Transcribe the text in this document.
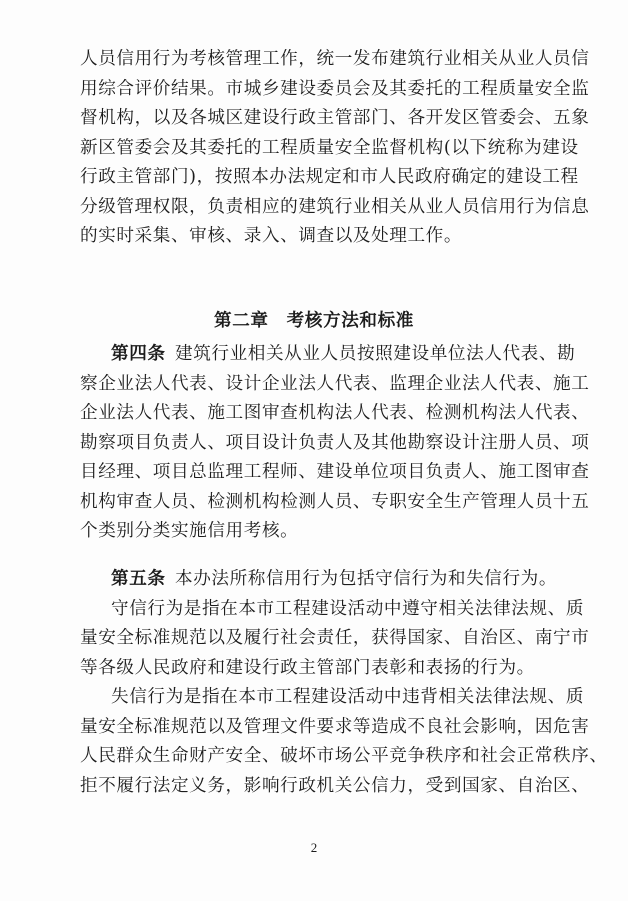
人员信用行为考核管理工作，统一发布建筑行业相关从业人员信
用综合评价结果。市城乡建设委员会及其委托的工程质量安全监
督机构，以及各城区建设行政主管部门、各开发区管委会、五象
新区管委会及其委托的工程质量安全监督机构(以下统称为建设
行政主管部门)，按照本办法规定和市人民政府确定的建设工程
分级管理权限，负责相应的建筑行业相关从业人员信用行为信息
的实时采集、审核、录入、调查以及处理工作。
第二章 考核方法和标准
第四条  建筑行业相关从业人员按照建设单位法人代表、勘
察企业法人代表、设计企业法人代表、监理企业法人代表、施工
企业法人代表、施工图审查机构法人代表、检测机构法人代表、
勘察项目负责人、项目设计负责人及其他勘察设计注册人员、项
目经理、项目总监理工程师、建设单位项目负责人、施工图审查
机构审查人员、检测机构检测人员、专职安全生产管理人员十五
个类别分类实施信用考核。
第五条  本办法所称信用行为包括守信行为和失信行为。
守信行为是指在本市工程建设活动中遵守相关法律法规、质
量安全标准规范以及履行社会责任，获得国家、自治区、南宁市
等各级人民政府和建设行政主管部门表彰和表扬的行为。
失信行为是指在本市工程建设活动中违背相关法律法规、质
量安全标准规范以及管理文件要求等造成不良社会影响，因危害
人民群众生命财产安全、破坏市场公平竞争秩序和社会正常秩序、
拒不履行法定义务，影响行政机关公信力，受到国家、自治区、
2
